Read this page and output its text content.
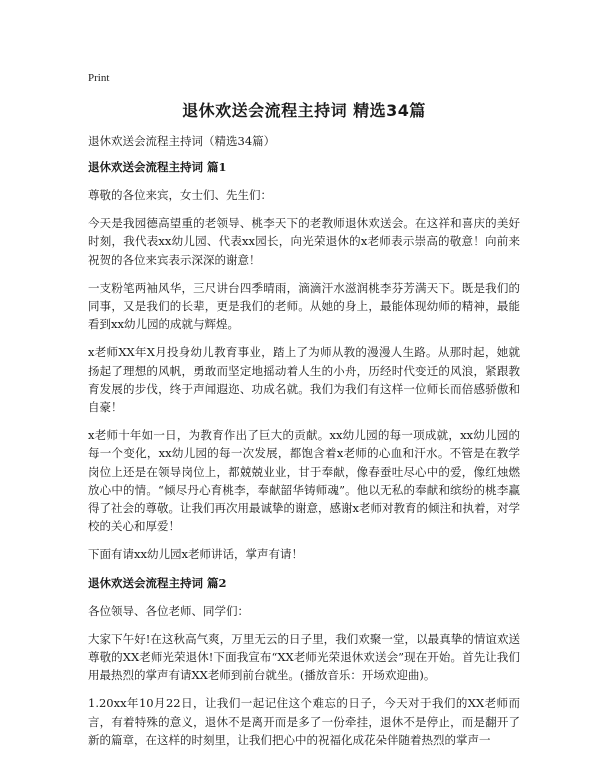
Print
退休欢送会流程主持词 精选34篇
退休欢送会流程主持词（精选34篇）
退休欢送会流程主持词 篇1

尊敬的各位来宾，女士们、先生们：

今天是我园德高望重的老领导、桃李天下的老教师退休欢送会。在这祥和喜庆的美好时刻，我代表xx幼儿园、代表xx园长，向光荣退休的x老师表示崇高的敬意！向前来祝贺的各位来宾表示深深的谢意！

一支粉笔两袖风华，三尺讲台四季晴雨，滴滴汗水滋润桃李芬芳满天下。既是我们的同事，又是我们的长辈，更是我们的老师。从她的身上，最能体现幼师的精神，最能看到xx幼儿园的成就与辉煌。

x老师XX年X月投身幼儿教育事业，踏上了为师从教的漫漫人生路。从那时起，她就扬起了理想的风帆，勇敢而坚定地摇动着人生的小舟，历经时代变迁的风浪，紧跟教育发展的步伐，终于声闻遐迩、功成名就。我们为我们有这样一位师长而倍感骄傲和自豪！

x老师十年如一日，为教育作出了巨大的贡献。xx幼儿园的每一项成就，xx幼儿园的每一个变化，xx幼儿园的每一次发展，都饱含着x老师的心血和汗水。不管是在教学岗位上还是在领导岗位上，都兢兢业业，甘于奉献，像春蚕吐尽心中的爱，像红烛燃放心中的情。“倾尽丹心育桃李，奉献韶华铸师魂”。他以无私的奉献和缤纷的桃李赢得了社会的尊敬。让我们再次用最诚挚的谢意，感谢x老师对教育的倾注和执着，对学校的关心和厚爱！

下面有请xx幼儿园x老师讲话，掌声有请！

退休欢送会流程主持词 篇2

各位领导、各位老师、同学们：

大家下午好!在这秋高气爽，万里无云的日子里，我们欢聚一堂，以最真挚的情谊欢送尊敬的XX老师光荣退休!下面我宣布“XX老师光荣退休欢送会”现在开始。首先让我们用最热烈的掌声有请XX老师到前台就坐。(播放音乐：开场欢迎曲)。

1.20xx年10月22日，让我们一起记住这个难忘的日子，今天对于我们的XX老师而言，有着特殊的意义，退休不是离开而是多了一份牵挂，退休不是停止，而是翻开了新的篇章，在这样的时刻里，让我们把心中的祝福化成花朵伴随着热烈的掌声一
